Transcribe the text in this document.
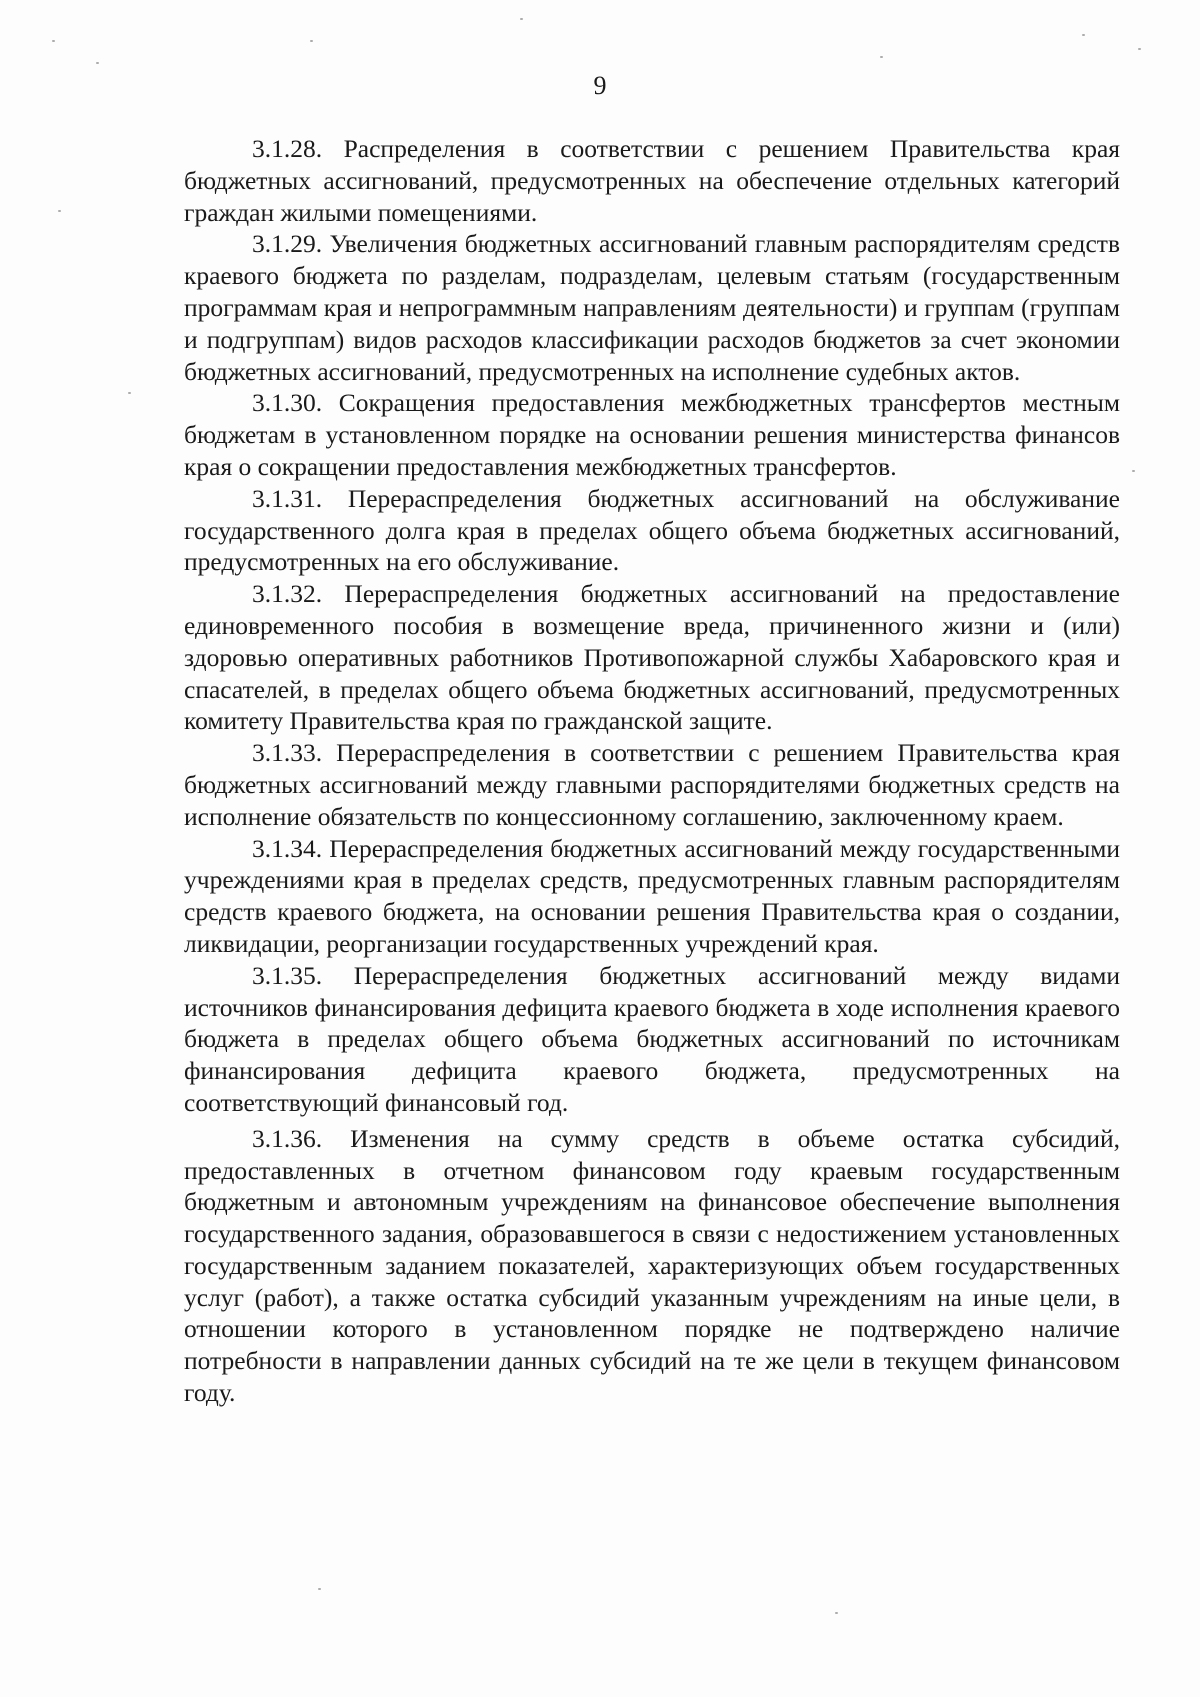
9

3.1.28. Распределения в соответствии с решением Правительства края бюджетных ассигнований, предусмотренных на обеспечение отдельных категорий граждан жилыми помещениями.

3.1.29. Увеличения бюджетных ассигнований главным распорядителям средств краевого бюджета по разделам, подразделам, целевым статьям (государственным программам края и непрограммным направлениям деятельности) и группам (группам и подгруппам) видов расходов классификации расходов бюджетов за счет экономии бюджетных ассигнований, предусмотренных на исполнение судебных актов.

3.1.30. Сокращения предоставления межбюджетных трансфертов местным бюджетам в установленном порядке на основании решения министерства финансов края о сокращении предоставления межбюджетных трансфертов.

3.1.31. Перераспределения бюджетных ассигнований на обслуживание государственного долга края в пределах общего объема бюджетных ассигнований, предусмотренных на его обслуживание.

3.1.32. Перераспределения бюджетных ассигнований на предоставление единовременного пособия в возмещение вреда, причиненного жизни и (или) здоровью оперативных работников Противопожарной службы Хабаровского края и спасателей, в пределах общего объема бюджетных ассигнований, предусмотренных комитету Правительства края по гражданской защите.

3.1.33. Перераспределения в соответствии с решением Правительства края бюджетных ассигнований между главными распорядителями бюджетных средств на исполнение обязательств по концессионному соглашению, заключенному краем.

3.1.34. Перераспределения бюджетных ассигнований между государственными учреждениями края в пределах средств, предусмотренных главным распорядителям средств краевого бюджета, на основании решения Правительства края о создании, ликвидации, реорганизации государственных учреждений края.

3.1.35. Перераспределения бюджетных ассигнований между видами источников финансирования дефицита краевого бюджета в ходе исполнения краевого бюджета в пределах общего объема бюджетных ассигнований по источникам финансирования дефицита краевого бюджета, предусмотренных на соответствующий финансовый год.

3.1.36. Изменения на сумму средств в объеме остатка субсидий, предоставленных в отчетном финансовом году краевым государственным бюджетным и автономным учреждениям на финансовое обеспечение выполнения государственного задания, образовавшегося в связи с недостижением установленных государственным заданием показателей, характеризующих объем государственных услуг (работ), а также остатка субсидий указанным учреждениям на иные цели, в отношении которого в установленном порядке не подтверждено наличие потребности в направлении данных субсидий на те же цели в текущем финансовом году.
